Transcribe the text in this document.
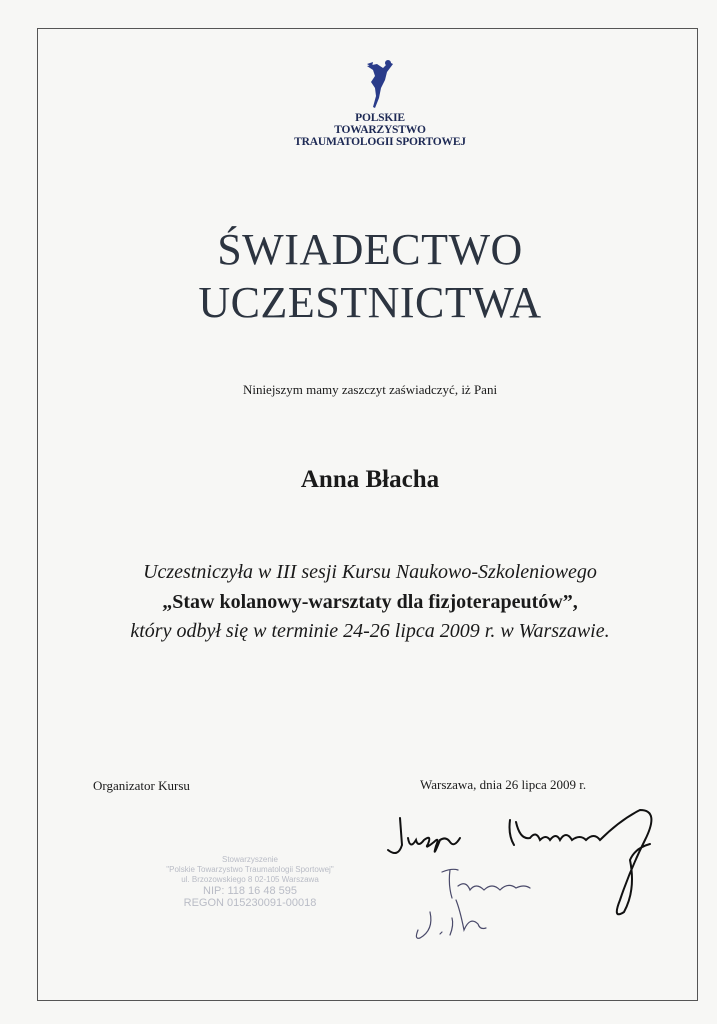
POLSKIE
TOWARZYSTWO
TRAUMATOLOGII SPORTOWEJ
ŚWIADECTWO
UCZESTNICTWA
Niniejszym mamy zaszczyt zaświadczyć, iż Pani
Anna Błacha
Uczestniczyła w III sesji Kursu Naukowo-Szkoleniowego
„Staw kolanowy-warsztaty dla fizjoterapeutów”,
który odbył się w terminie 24-26 lipca 2009 r. w Warszawie.
Organizator Kursu	Warszawa, dnia 26 lipca 2009 r.
Stowarzyszenie
"Polskie Towarzystwo Traumatologii Sportowej"
ul. Brzozowskiego 8 02-105 Warszawa
NIP: 118 16 48 595
REGON 015230091-00018
